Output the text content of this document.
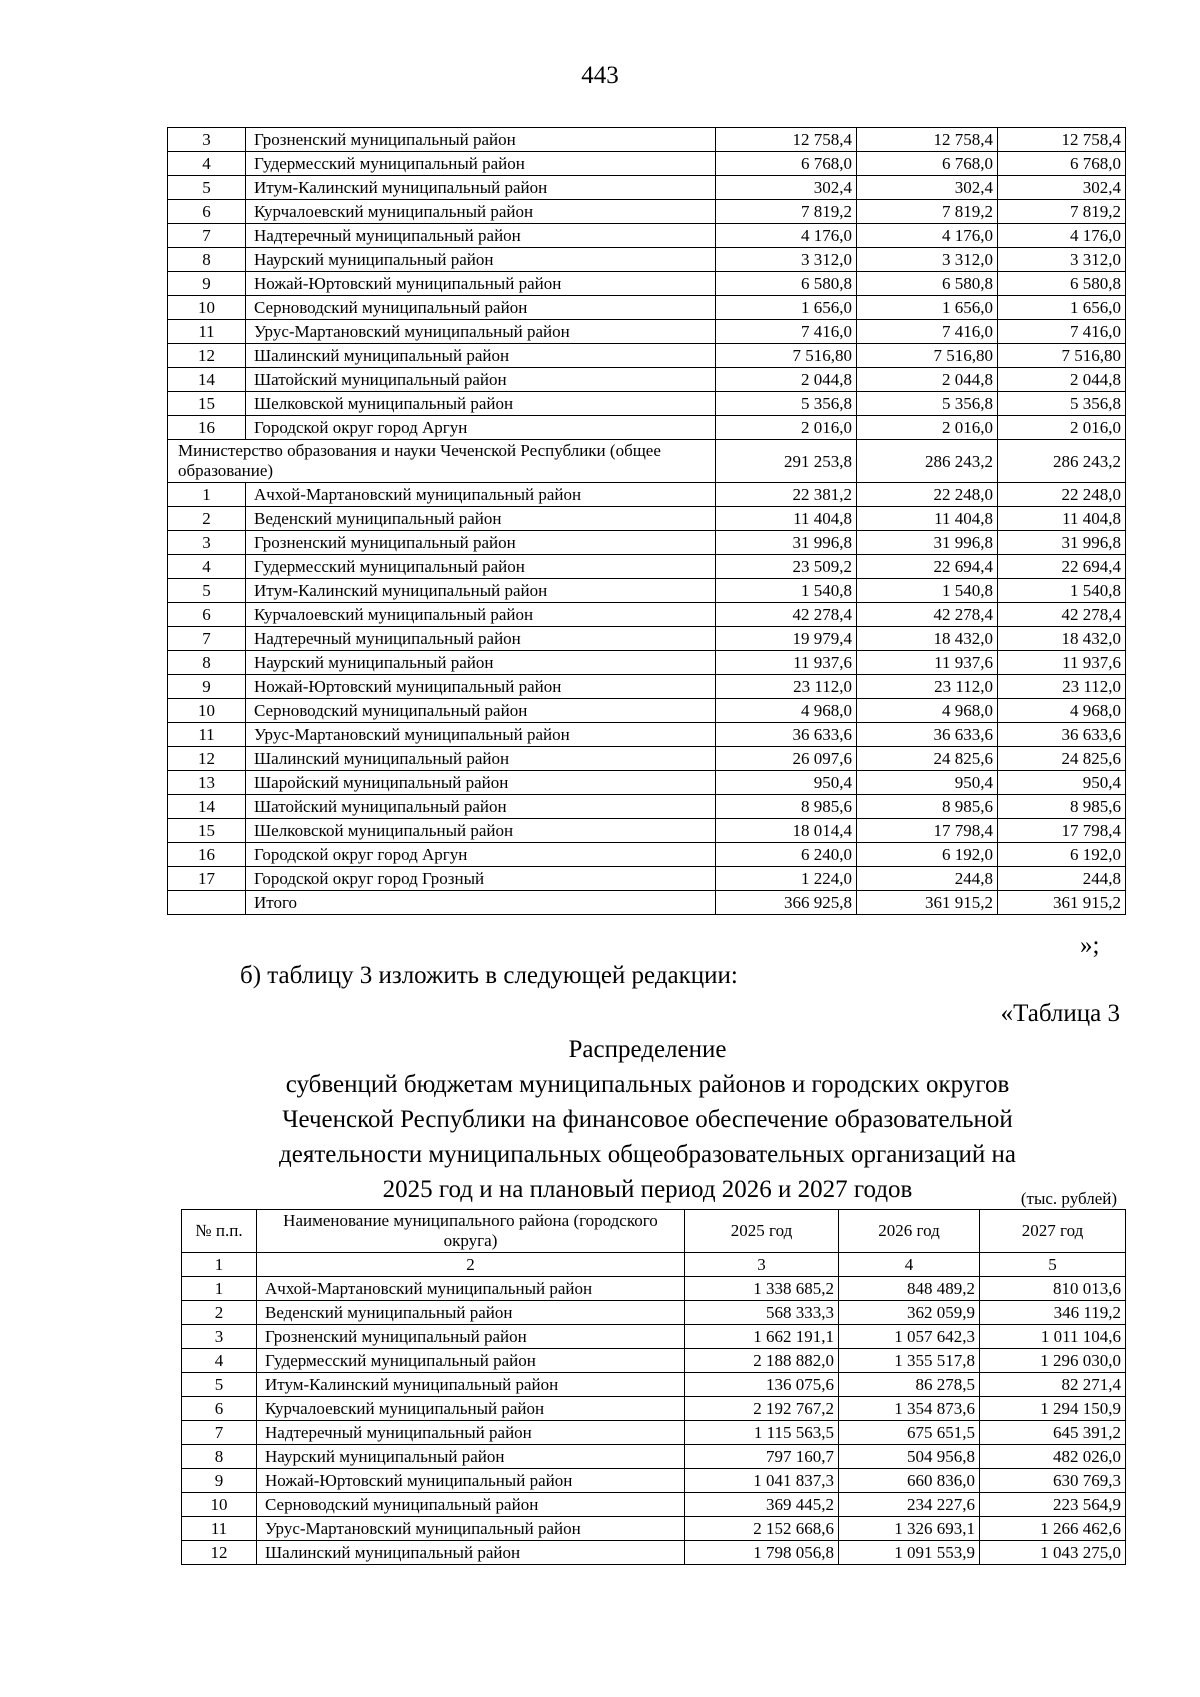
443
3	Грозненский муниципальный район	12 758,4	12 758,4	12 758,4
4	Гудермесский муниципальный район	6 768,0	6 768,0	6 768,0
5	Итум-Калинский муниципальный район	302,4	302,4	302,4
6	Курчалоевский муниципальный район	7 819,2	7 819,2	7 819,2
7	Надтеречный муниципальный район	4 176,0	4 176,0	4 176,0
8	Наурский муниципальный район	3 312,0	3 312,0	3 312,0
9	Ножай-Юртовский муниципальный район	6 580,8	6 580,8	6 580,8
10	Серноводский муниципальный район	1 656,0	1 656,0	1 656,0
11	Урус-Мартановский муниципальный район	7 416,0	7 416,0	7 416,0
12	Шалинский муниципальный район	7 516,80	7 516,80	7 516,80
14	Шатойский муниципальный район	2 044,8	2 044,8	2 044,8
15	Шелковской муниципальный район	5 356,8	5 356,8	5 356,8
16	Городской округ город Аргун	2 016,0	2 016,0	2 016,0
Министерство образования и науки Чеченской Республики (общее образование)		291 253,8	286 243,2	286 243,2
1	Ачхой-Мартановский муниципальный район	22 381,2	22 248,0	22 248,0
2	Веденский муниципальный район	11 404,8	11 404,8	11 404,8
3	Грозненский муниципальный район	31 996,8	31 996,8	31 996,8
4	Гудермесский муниципальный район	23 509,2	22 694,4	22 694,4
5	Итум-Калинский муниципальный район	1 540,8	1 540,8	1 540,8
6	Курчалоевский муниципальный район	42 278,4	42 278,4	42 278,4
7	Надтеречный муниципальный район	19 979,4	18 432,0	18 432,0
8	Наурский муниципальный район	11 937,6	11 937,6	11 937,6
9	Ножай-Юртовский муниципальный район	23 112,0	23 112,0	23 112,0
10	Серноводский муниципальный район	4 968,0	4 968,0	4 968,0
11	Урус-Мартановский муниципальный район	36 633,6	36 633,6	36 633,6
12	Шалинский муниципальный район	26 097,6	24 825,6	24 825,6
13	Шаройский муниципальный район	950,4	950,4	950,4
14	Шатойский муниципальный район	8 985,6	8 985,6	8 985,6
15	Шелковской муниципальный район	18 014,4	17 798,4	17 798,4
16	Городской округ город Аргун	6 240,0	6 192,0	6 192,0
17	Городской округ город Грозный	1 224,0	244,8	244,8
	Итого	366 925,8	361 915,2	361 915,2
»;
б) таблицу 3 изложить в следующей редакции:
«Таблица 3
Распределение
субвенций бюджетам муниципальных районов и городских округов
Чеченской Республики на финансовое обеспечение образовательной
деятельности муниципальных общеобразовательных организаций на
2025 год и на плановый период 2026 и 2027 годов	(тыс. рублей)
№ п.п.	Наименование муниципального района (городского округа)	2025 год	2026 год	2027 год
1	2	3	4	5
1	Ачхой-Мартановский муниципальный район	1 338 685,2	848 489,2	810 013,6
2	Веденский муниципальный район	568 333,3	362 059,9	346 119,2
3	Грозненский муниципальный район	1 662 191,1	1 057 642,3	1 011 104,6
4	Гудермесский муниципальный район	2 188 882,0	1 355 517,8	1 296 030,0
5	Итум-Калинский муниципальный район	136 075,6	86 278,5	82 271,4
6	Курчалоевский муниципальный район	2 192 767,2	1 354 873,6	1 294 150,9
7	Надтеречный муниципальный район	1 115 563,5	675 651,5	645 391,2
8	Наурский муниципальный район	797 160,7	504 956,8	482 026,0
9	Ножай-Юртовский муниципальный район	1 041 837,3	660 836,0	630 769,3
10	Серноводский муниципальный район	369 445,2	234 227,6	223 564,9
11	Урус-Мартановский муниципальный район	2 152 668,6	1 326 693,1	1 266 462,6
12	Шалинский муниципальный район	1 798 056,8	1 091 553,9	1 043 275,0
